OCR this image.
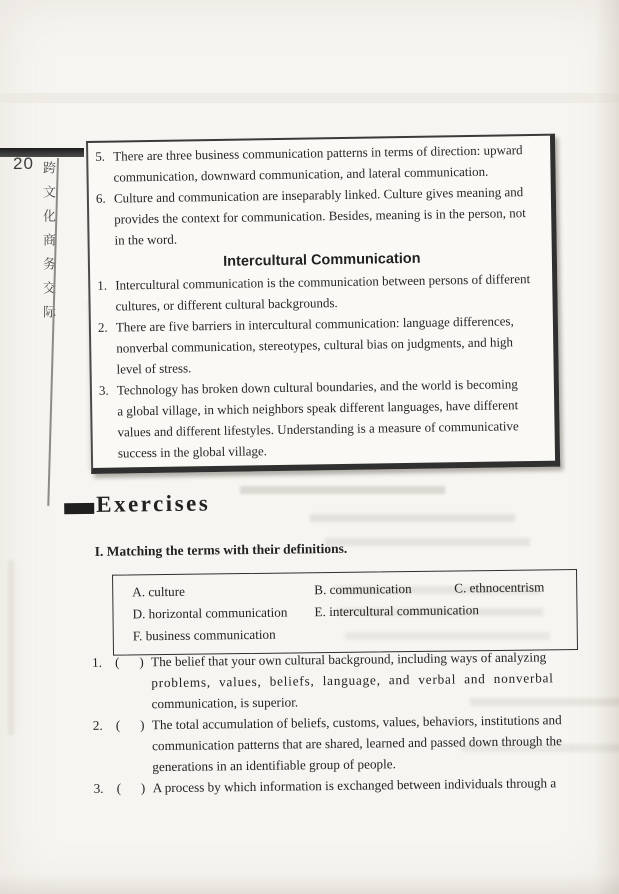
20 跨文化商务交际
5. There are three business communication patterns in terms of direction: upward
communication, downward communication, and lateral communication.
6. Culture and communication are inseparably linked. Culture gives meaning and
provides the context for communication. Besides, meaning is in the person, not
in the word.
Intercultural Communication
1. Intercultural communication is the communication between persons of different
cultures, or different cultural backgrounds.
2. There are five barriers in intercultural communication: language differences,
nonverbal communication, stereotypes, cultural bias on judgments, and high
level of stress.
3. Technology has broken down cultural boundaries, and the world is becoming
a global village, in which neighbors speak different languages, have different
values and different lifestyles. Understanding is a measure of communicative
success in the global village.
Exercises
I. Matching the terms with their definitions.
A. culture	B. communication	C. ethnocentrism
D. horizontal communication	E. intercultural communication
F. business communication
1. (      ) The belief that your own cultural background, including ways of analyzing
problems, values, beliefs, language, and verbal and nonverbal
communication, is superior.
2. (      ) The total accumulation of beliefs, customs, values, behaviors, institutions and
communication patterns that are shared, learned and passed down through the
generations in an identifiable group of people.
3. (      ) A process by which information is exchanged between individuals through a
